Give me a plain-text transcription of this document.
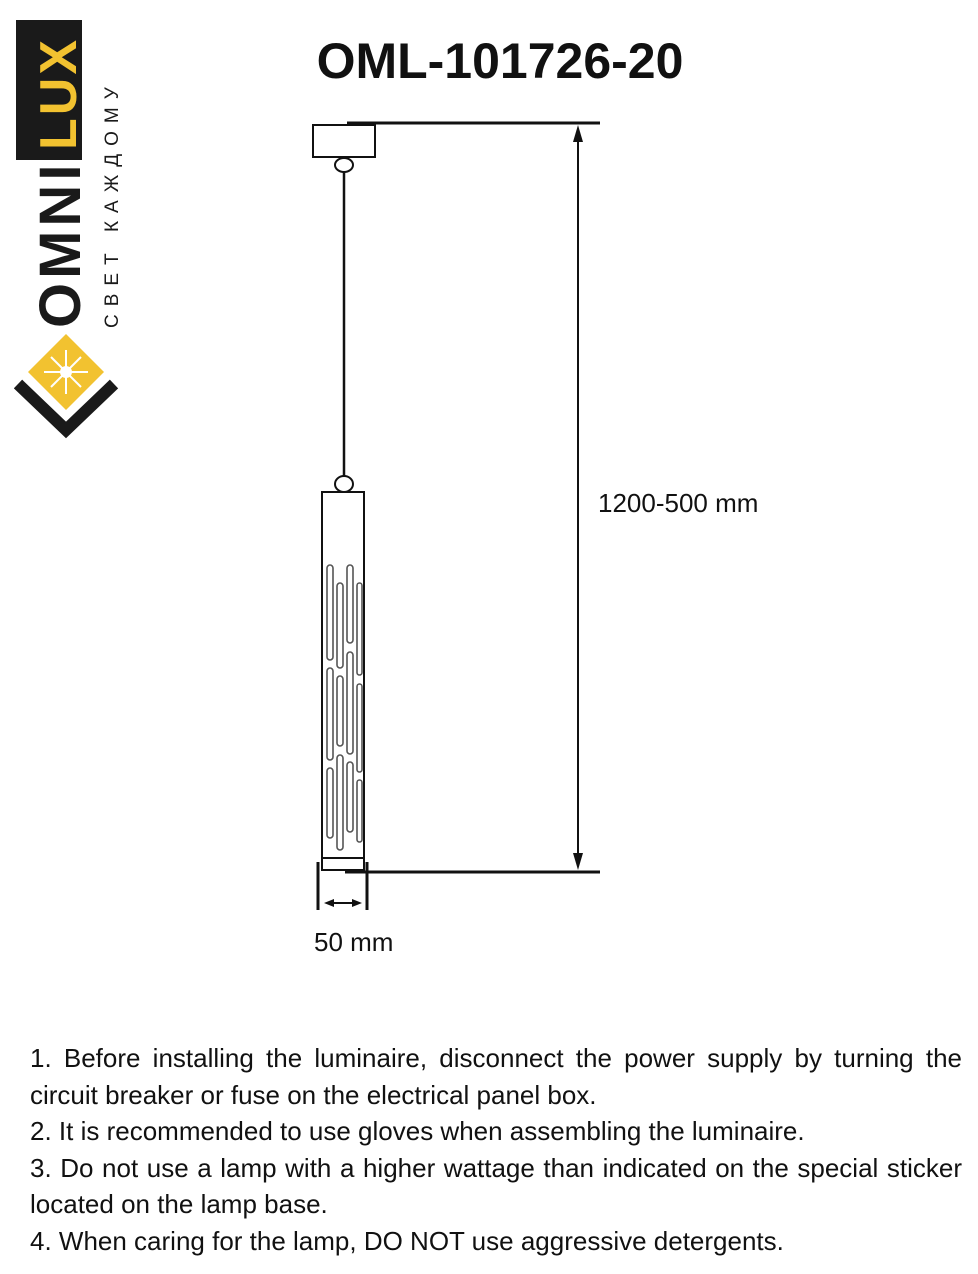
OMNI
LUX СВЕТ КАЖДОМУ
OML-101726-20
1200-500 mm
50 mm

1. Before installing the luminaire, disconnect the power supply by turning the circuit breaker or fuse on the electrical panel box.

2. It is recommended to use gloves when assembling the luminaire.

3. Do not use a lamp with a higher wattage than indicated on the special sticker located on the lamp base.

4. When caring for the lamp, DO NOT use aggressive detergents.
